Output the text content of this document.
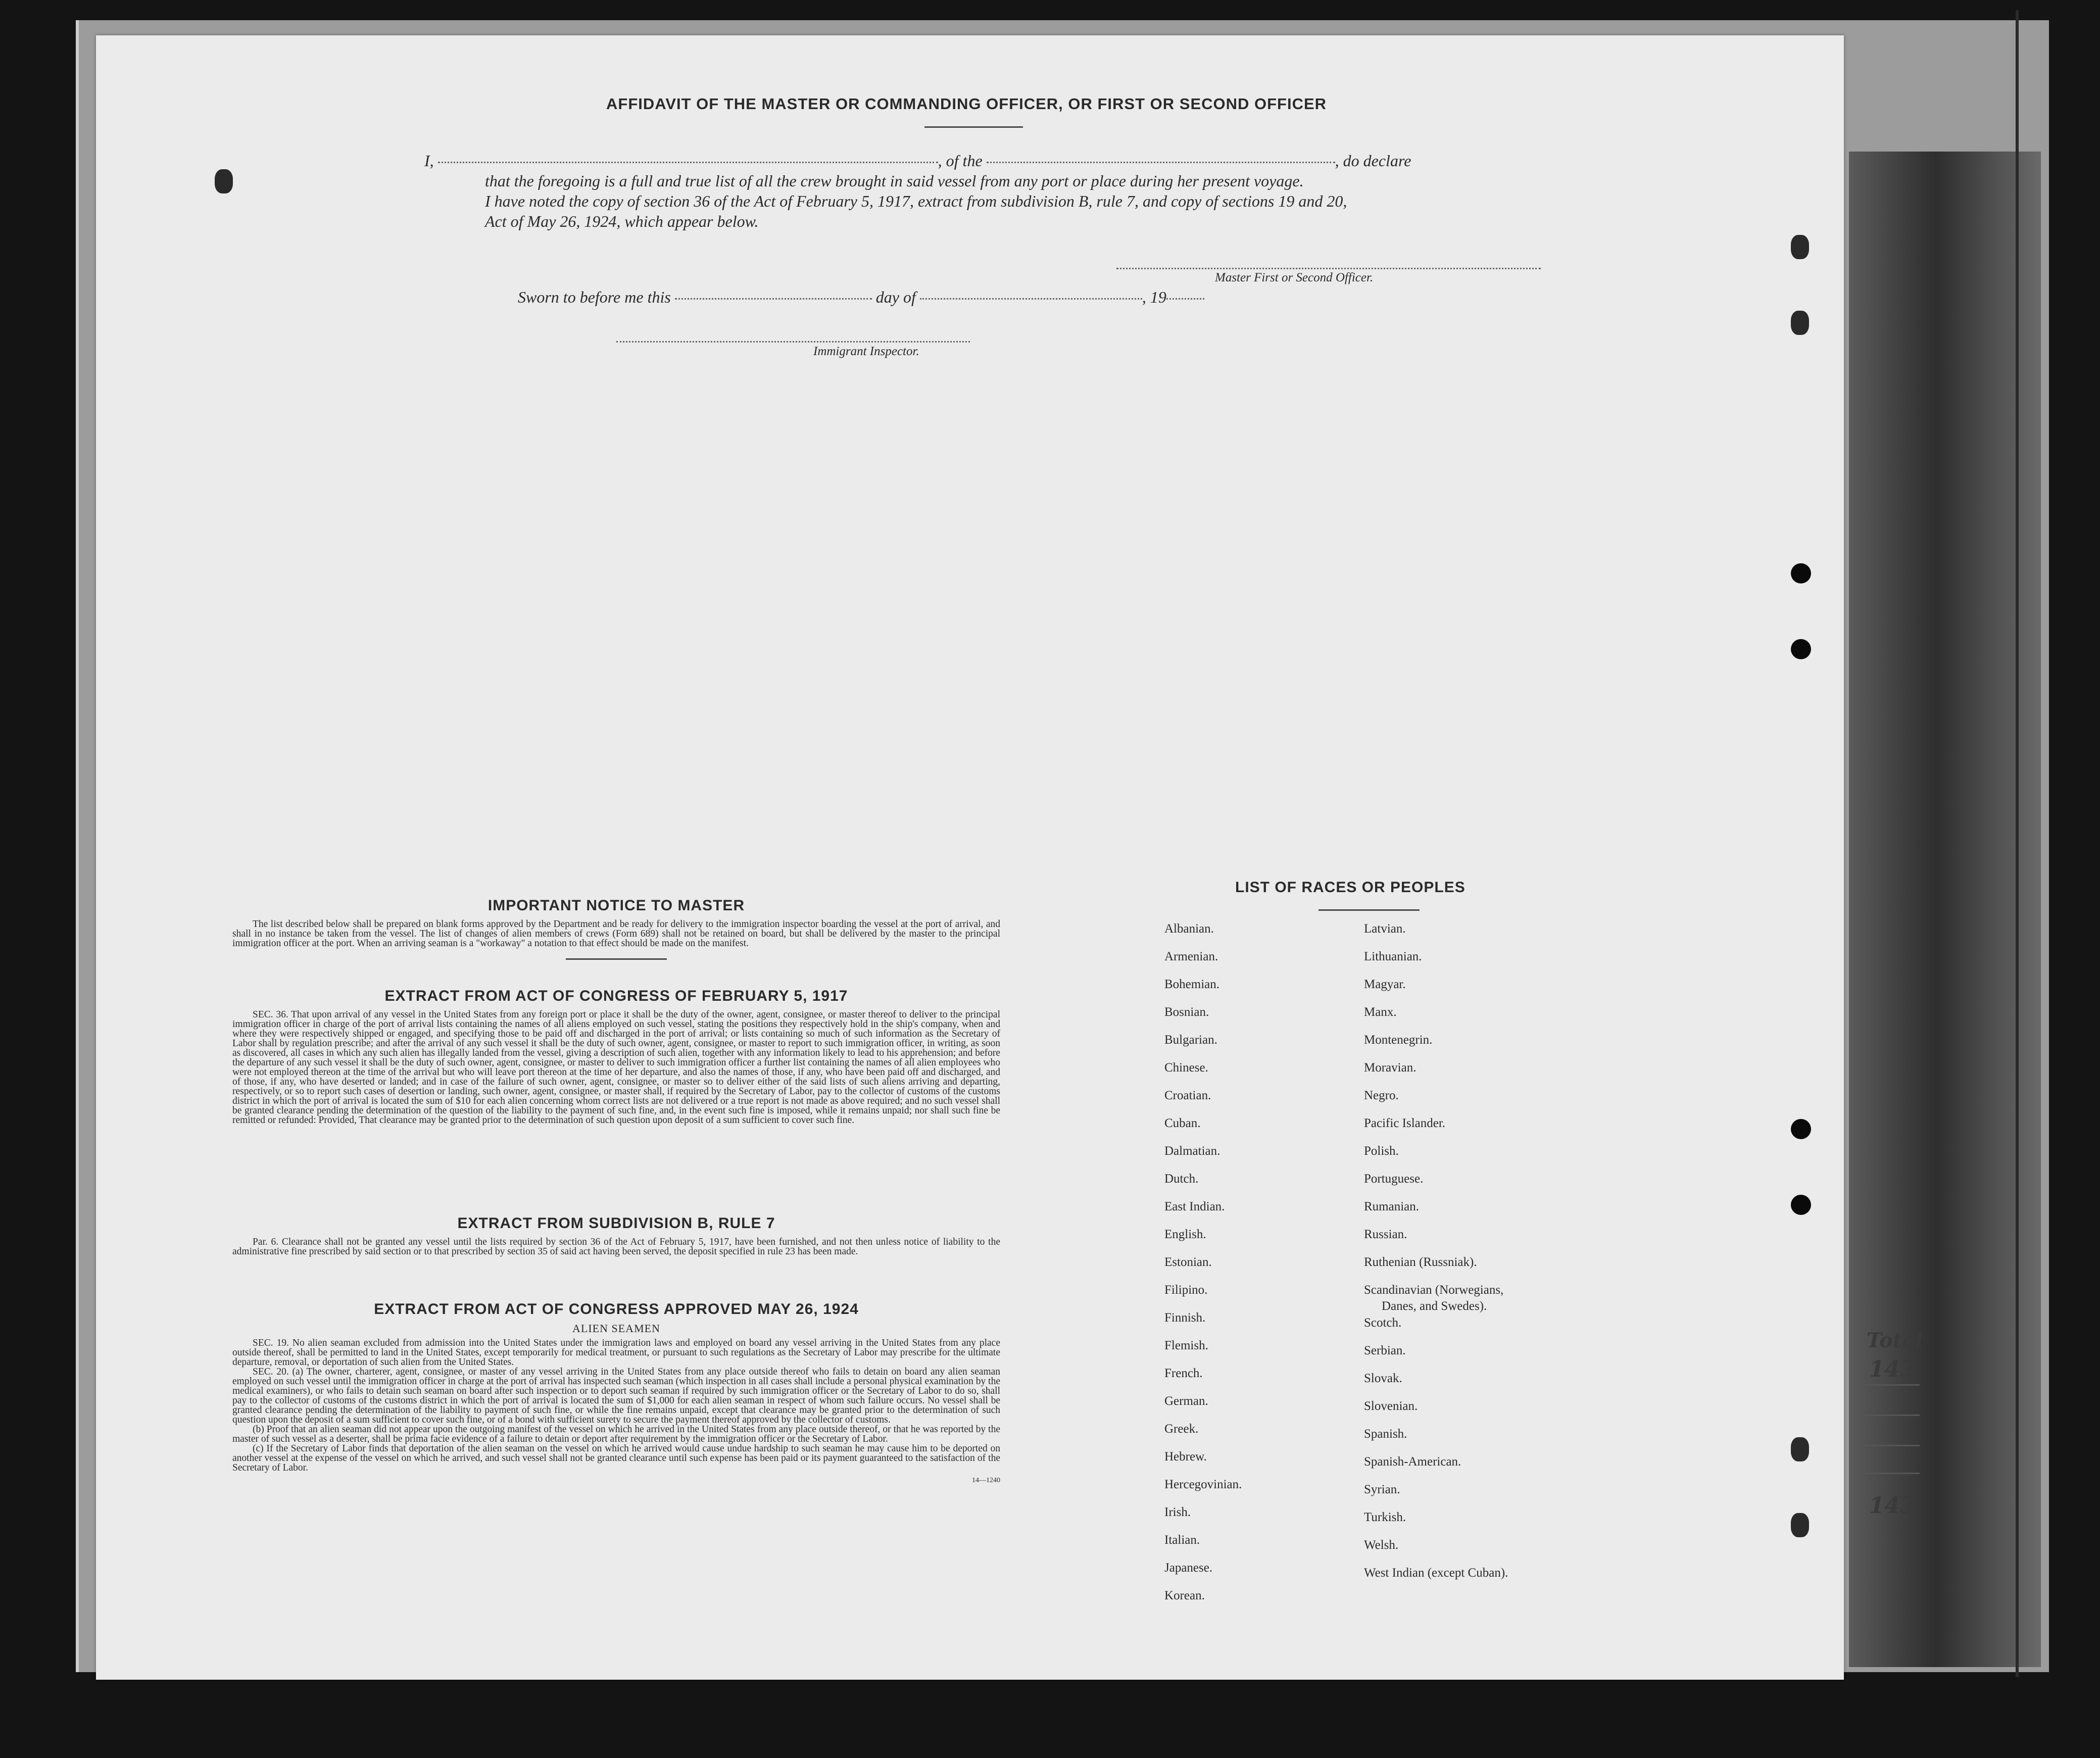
Total
143
143
AFFIDAVIT OF THE MASTER OR COMMANDING OFFICER, OR FIRST OR SECOND OFFICER
I,	, of the	, do declare
that the foregoing is a full and true list of all the crew brought in said vessel from any port or place during her present voyage.
I have noted the copy of section 36 of the Act of February 5, 1917, extract from subdivision B, rule 7, and copy of sections 19 and 20,
Act of May 26, 1924, which appear below.
Master First or Second Officer.
Sworn to before me this	day of	, 19
Immigrant Inspector.
IMPORTANT NOTICE TO MASTER

The list described below shall be prepared on blank forms approved by the Department and be ready for delivery to the immigration inspector boarding the vessel at the port of arrival, and shall in no instance be taken from the vessel. The list of changes of alien members of crews (Form 689) shall not be retained on board, but shall be delivered by the master to the principal immigration officer at the port. When an arriving seaman is a "workaway" a notation to that effect should be made on the manifest.

EXTRACT FROM ACT OF CONGRESS OF FEBRUARY 5, 1917

SEC. 36. That upon arrival of any vessel in the United States from any foreign port or place it shall be the duty of the owner, agent, consignee, or master thereof to deliver to the principal immigration officer in charge of the port of arrival lists containing the names of all aliens employed on such vessel, stating the positions they respectively hold in the ship's company, when and where they were respectively shipped or engaged, and specifying those to be paid off and discharged in the port of arrival; or lists containing so much of such information as the Secretary of Labor shall by regulation prescribe; and after the arrival of any such vessel it shall be the duty of such owner, agent, consignee, or master to report to such immigration officer, in writing, as soon as discovered, all cases in which any such alien has illegally landed from the vessel, giving a description of such alien, together with any information likely to lead to his apprehension; and before the departure of any such vessel it shall be the duty of such owner, agent, consignee, or master to deliver to such immigration officer a further list containing the names of all alien employees who were not employed thereon at the time of the arrival but who will leave port thereon at the time of her departure, and also the names of those, if any, who have been paid off and discharged, and of those, if any, who have deserted or landed; and in case of the failure of such owner, agent, consignee, or master so to deliver either of the said lists of such aliens arriving and departing, respectively, or so to report such cases of desertion or landing, such owner, agent, consignee, or master shall, if required by the Secretary of Labor, pay to the collector of customs of the customs district in which the port of arrival is located the sum of $10 for each alien concerning whom correct lists are not delivered or a true report is not made as above required; and no such vessel shall be granted clearance pending the determination of the question of the liability to the payment of such fine, and, in the event such fine is imposed, while it remains unpaid; nor shall such fine be remitted or refunded: Provided, That clearance may be granted prior to the determination of such question upon deposit of a sum sufficient to cover such fine.

EXTRACT FROM SUBDIVISION B, RULE 7

Par. 6. Clearance shall not be granted any vessel until the lists required by section 36 of the Act of February 5, 1917, have been furnished, and not then unless notice of liability to the administrative fine prescribed by said section or to that prescribed by section 35 of said act having been served, the deposit specified in rule 23 has been made.

EXTRACT FROM ACT OF CONGRESS APPROVED MAY 26, 1924
ALIEN SEAMEN

SEC. 19. No alien seaman excluded from admission into the United States under the immigration laws and employed on board any vessel arriving in the United States from any place outside thereof, shall be permitted to land in the United States, except temporarily for medical treatment, or pursuant to such regulations as the Secretary of Labor may prescribe for the ultimate departure, removal, or deportation of such alien from the United States.

SEC. 20. (a) The owner, charterer, agent, consignee, or master of any vessel arriving in the United States from any place outside thereof who fails to detain on board any alien seaman employed on such vessel until the immigration officer in charge at the port of arrival has inspected such seaman (which inspection in all cases shall include a personal physical examination by the medical examiners), or who fails to detain such seaman on board after such inspection or to deport such seaman if required by such immigration officer or the Secretary of Labor to do so, shall pay to the collector of customs of the customs district in which the port of arrival is located the sum of $1,000 for each alien seaman in respect of whom such failure occurs. No vessel shall be granted clearance pending the determination of the liability to payment of such fine, or while the fine remains unpaid, except that clearance may be granted prior to the determination of such question upon the deposit of a sum sufficient to cover such fine, or of a bond with sufficient surety to secure the payment thereof approved by the collector of customs.

(b) Proof that an alien seaman did not appear upon the outgoing manifest of the vessel on which he arrived in the United States from any place outside thereof, or that he was reported by the master of such vessel as a deserter, shall be prima facie evidence of a failure to detain or deport after requirement by the immigration officer or the Secretary of Labor.

(c) If the Secretary of Labor finds that deportation of the alien seaman on the vessel on which he arrived would cause undue hardship to such seaman he may cause him to be deported on another vessel at the expense of the vessel on which he arrived, and such vessel shall not be granted clearance until such expense has been paid or its payment guaranteed to the satisfaction of the Secretary of Labor.

14—1240
LIST OF RACES OR PEOPLES
Albanian.
Armenian.
Bohemian.
Bosnian.
Bulgarian.
Chinese.
Croatian.
Cuban.
Dalmatian.
Dutch.
East Indian.
English.
Estonian.
Filipino.
Finnish.
Flemish.
French.
German.
Greek.
Hebrew.
Hercegovinian.
Irish.
Italian.
Japanese.
Korean.
Latvian.
Lithuanian.
Magyar.
Manx.
Montenegrin.
Moravian.
Negro.
Pacific Islander.
Polish.
Portuguese.
Rumanian.
Russian.
Ruthenian (Russniak).
Scandinavian (Norwegians,
Danes, and Swedes).
Scotch.
Serbian.
Slovak.
Slovenian.
Spanish.
Spanish-American.
Syrian.
Turkish.
Welsh.
West Indian (except Cuban).
